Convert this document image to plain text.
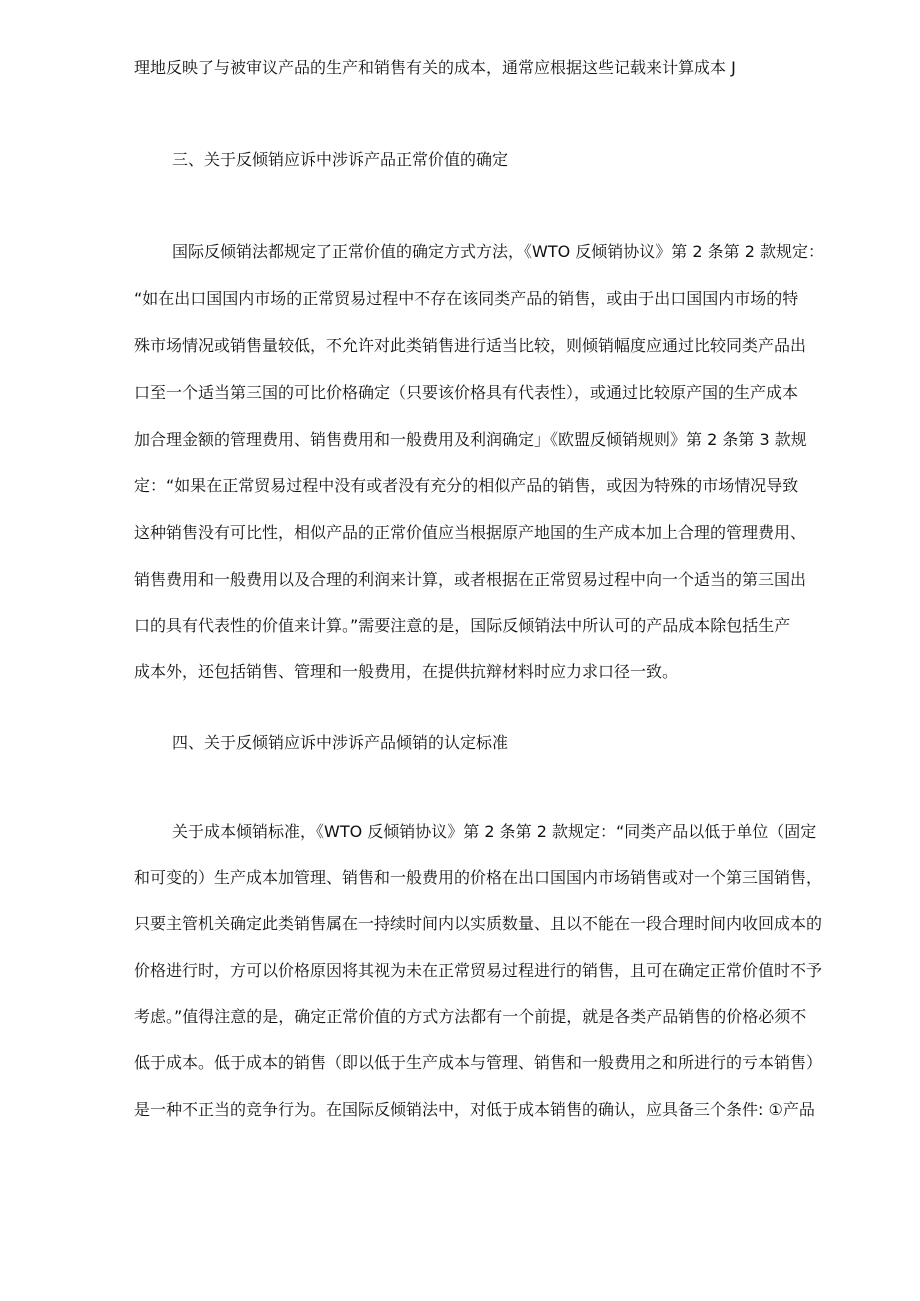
理地反映了与被审议产品的生产和销售有关的成本，通常应根据这些记载来计算成本 J
三、关于反倾销应诉中涉诉产品正常价值的确定
国际反倾销法都规定了正常价值的确定方式方法，《WTO 反倾销协议》第 2 条第 2 款规定：
“如在出口国国内市场的正常贸易过程中不存在该同类产品的销售，或由于出口国国内市场的特
殊市场情况或销售量较低，不允许对此类销售进行适当比较，则倾销幅度应通过比较同类产品出
口至一个适当第三国的可比价格确定（只要该价格具有代表性），或通过比较原产国的生产成本
加合理金额的管理费用、销售费用和一般费用及利润确定」《欧盟反倾销规则》第 2 条第 3 款规
定：“如果在正常贸易过程中没有或者没有充分的相似产品的销售，或因为特殊的市场情况导致
这种销售没有可比性，相似产品的正常价值应当根据原产地国的生产成本加上合理的管理费用、
销售费用和一般费用以及合理的利润来计算，或者根据在正常贸易过程中向一个适当的第三国出
口的具有代表性的价值来计算。”需要注意的是，国际反倾销法中所认可的产品成本除包括生产
成本外，还包括销售、管理和一般费用，在提供抗辩材料时应力求口径一致。
四、关于反倾销应诉中涉诉产品倾销的认定标准
关于成本倾销标准，《WTO 反倾销协议》第 2 条第 2 款规定：“同类产品以低于单位（固定
和可变的）生产成本加管理、销售和一般费用的价格在出口国国内市场销售或对一个第三国销售，
只要主管机关确定此类销售属在一持续时间内以实质数量、且以不能在一段合理时间内收回成本的
价格进行时，方可以价格原因将其视为未在正常贸易过程进行的销售，且可在确定正常价值时不予
考虑。”值得注意的是，确定正常价值的方式方法都有一个前提，就是各类产品销售的价格必须不
低于成本。低于成本的销售（即以低于生产成本与管理、销售和一般费用之和所进行的亏本销售）
是一种不正当的竞争行为。在国际反倾销法中，对低于成本销售的确认，应具备三个条件: ①产品
